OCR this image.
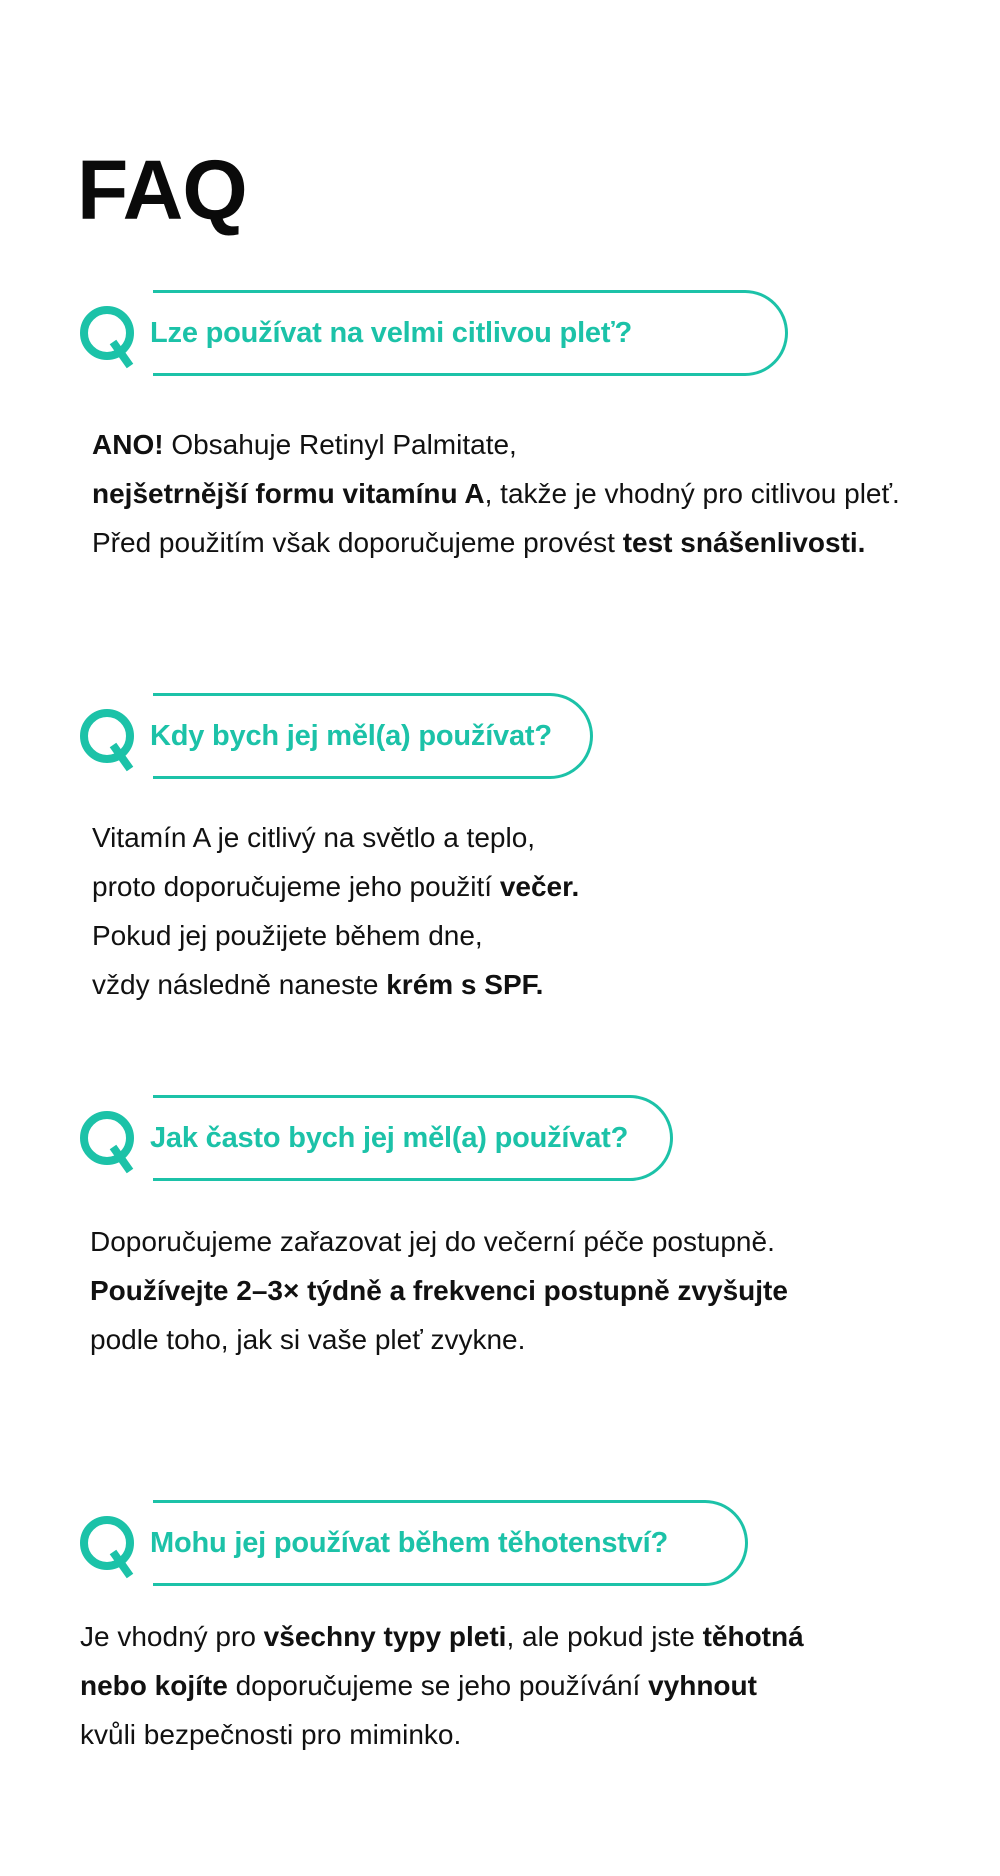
FAQ
Lze používat na velmi citlivou pleť?
ANO! Obsahuje Retinyl Palmitate,
nejšetrnější formu vitamínu A, takže je vhodný pro citlivou pleť.
Před použitím však doporučujeme provést test snášenlivosti.
Kdy bych jej měl(a) používat?
Vitamín A je citlivý na světlo a teplo,
proto doporučujeme jeho použití večer.
Pokud jej použijete během dne,
vždy následně naneste krém s SPF.
Jak často bych jej měl(a) používat?
Doporučujeme zařazovat jej do večerní péče postupně.
Používejte 2–3× týdně a frekvenci postupně zvyšujte
podle toho, jak si vaše pleť zvykne.
Mohu jej používat během těhotenství?
Je vhodný pro všechny typy pleti, ale pokud jste těhotná
nebo kojíte doporučujeme se jeho používání vyhnout
kvůli bezpečnosti pro miminko.
